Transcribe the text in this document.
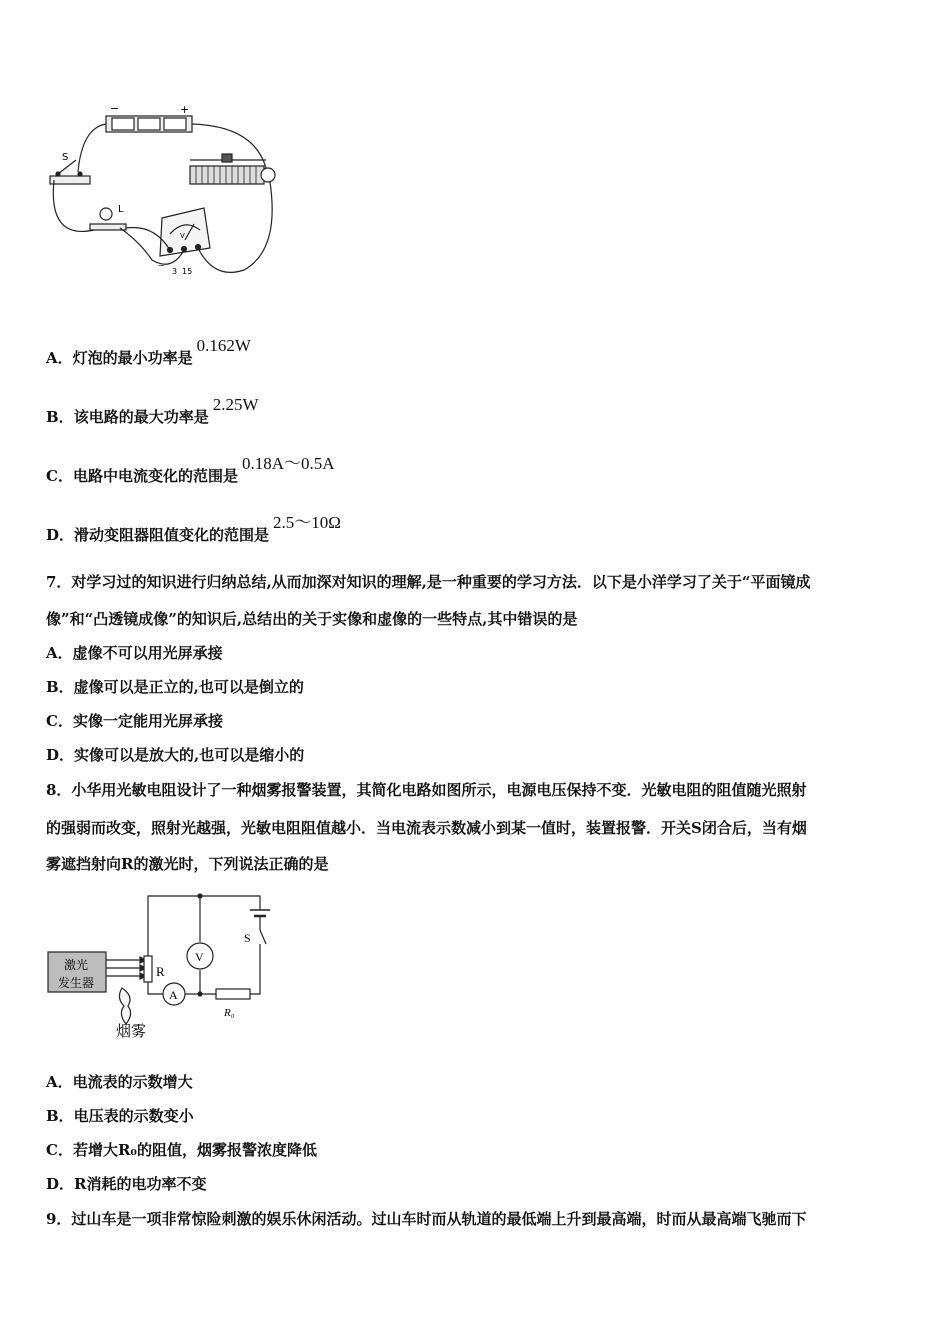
−	+
S
L
V
−
3 15
A．灯泡的最小功率是0.162W
B．该电路的最大功率是2.25W
C．电路中电流变化的范围是0.18A～0.5A
D．滑动变阻器阻值变化的范围是2.5～10Ω
7．对学习过的知识进行归纳总结,从而加深对知识的理解,是一种重要的学习方法．以下是小洋学习了关于“平面镜成
像”和“凸透镜成像”的知识后,总结出的关于实像和虚像的一些特点,其中错误的是
A．虚像不可以用光屏承接
B．虚像可以是正立的,也可以是倒立的
C．实像一定能用光屏承接
D．实像可以是放大的,也可以是缩小的
8．小华用光敏电阻设计了一种烟雾报警装置，其简化电路如图所示，电源电压保持不变．光敏电阻的阻值随光照射
的强弱而改变，照射光越强，光敏电阻阻值越小．当电流表示数减小到某一值时，装置报警．开关S闭合后，当有烟
雾遮挡射向R的激光时，下列说法正确的是
激光
发生器
R
V
A
R₀
S
烟雾
A．电流表的示数增大
B．电压表的示数变小
C．若增大R₀的阻值，烟雾报警浓度降低
D．R消耗的电功率不变
9．过山车是一项非常惊险刺激的娱乐休闲活动。过山车时而从轨道的最低端上升到最高端，时而从最高端飞驰而下
